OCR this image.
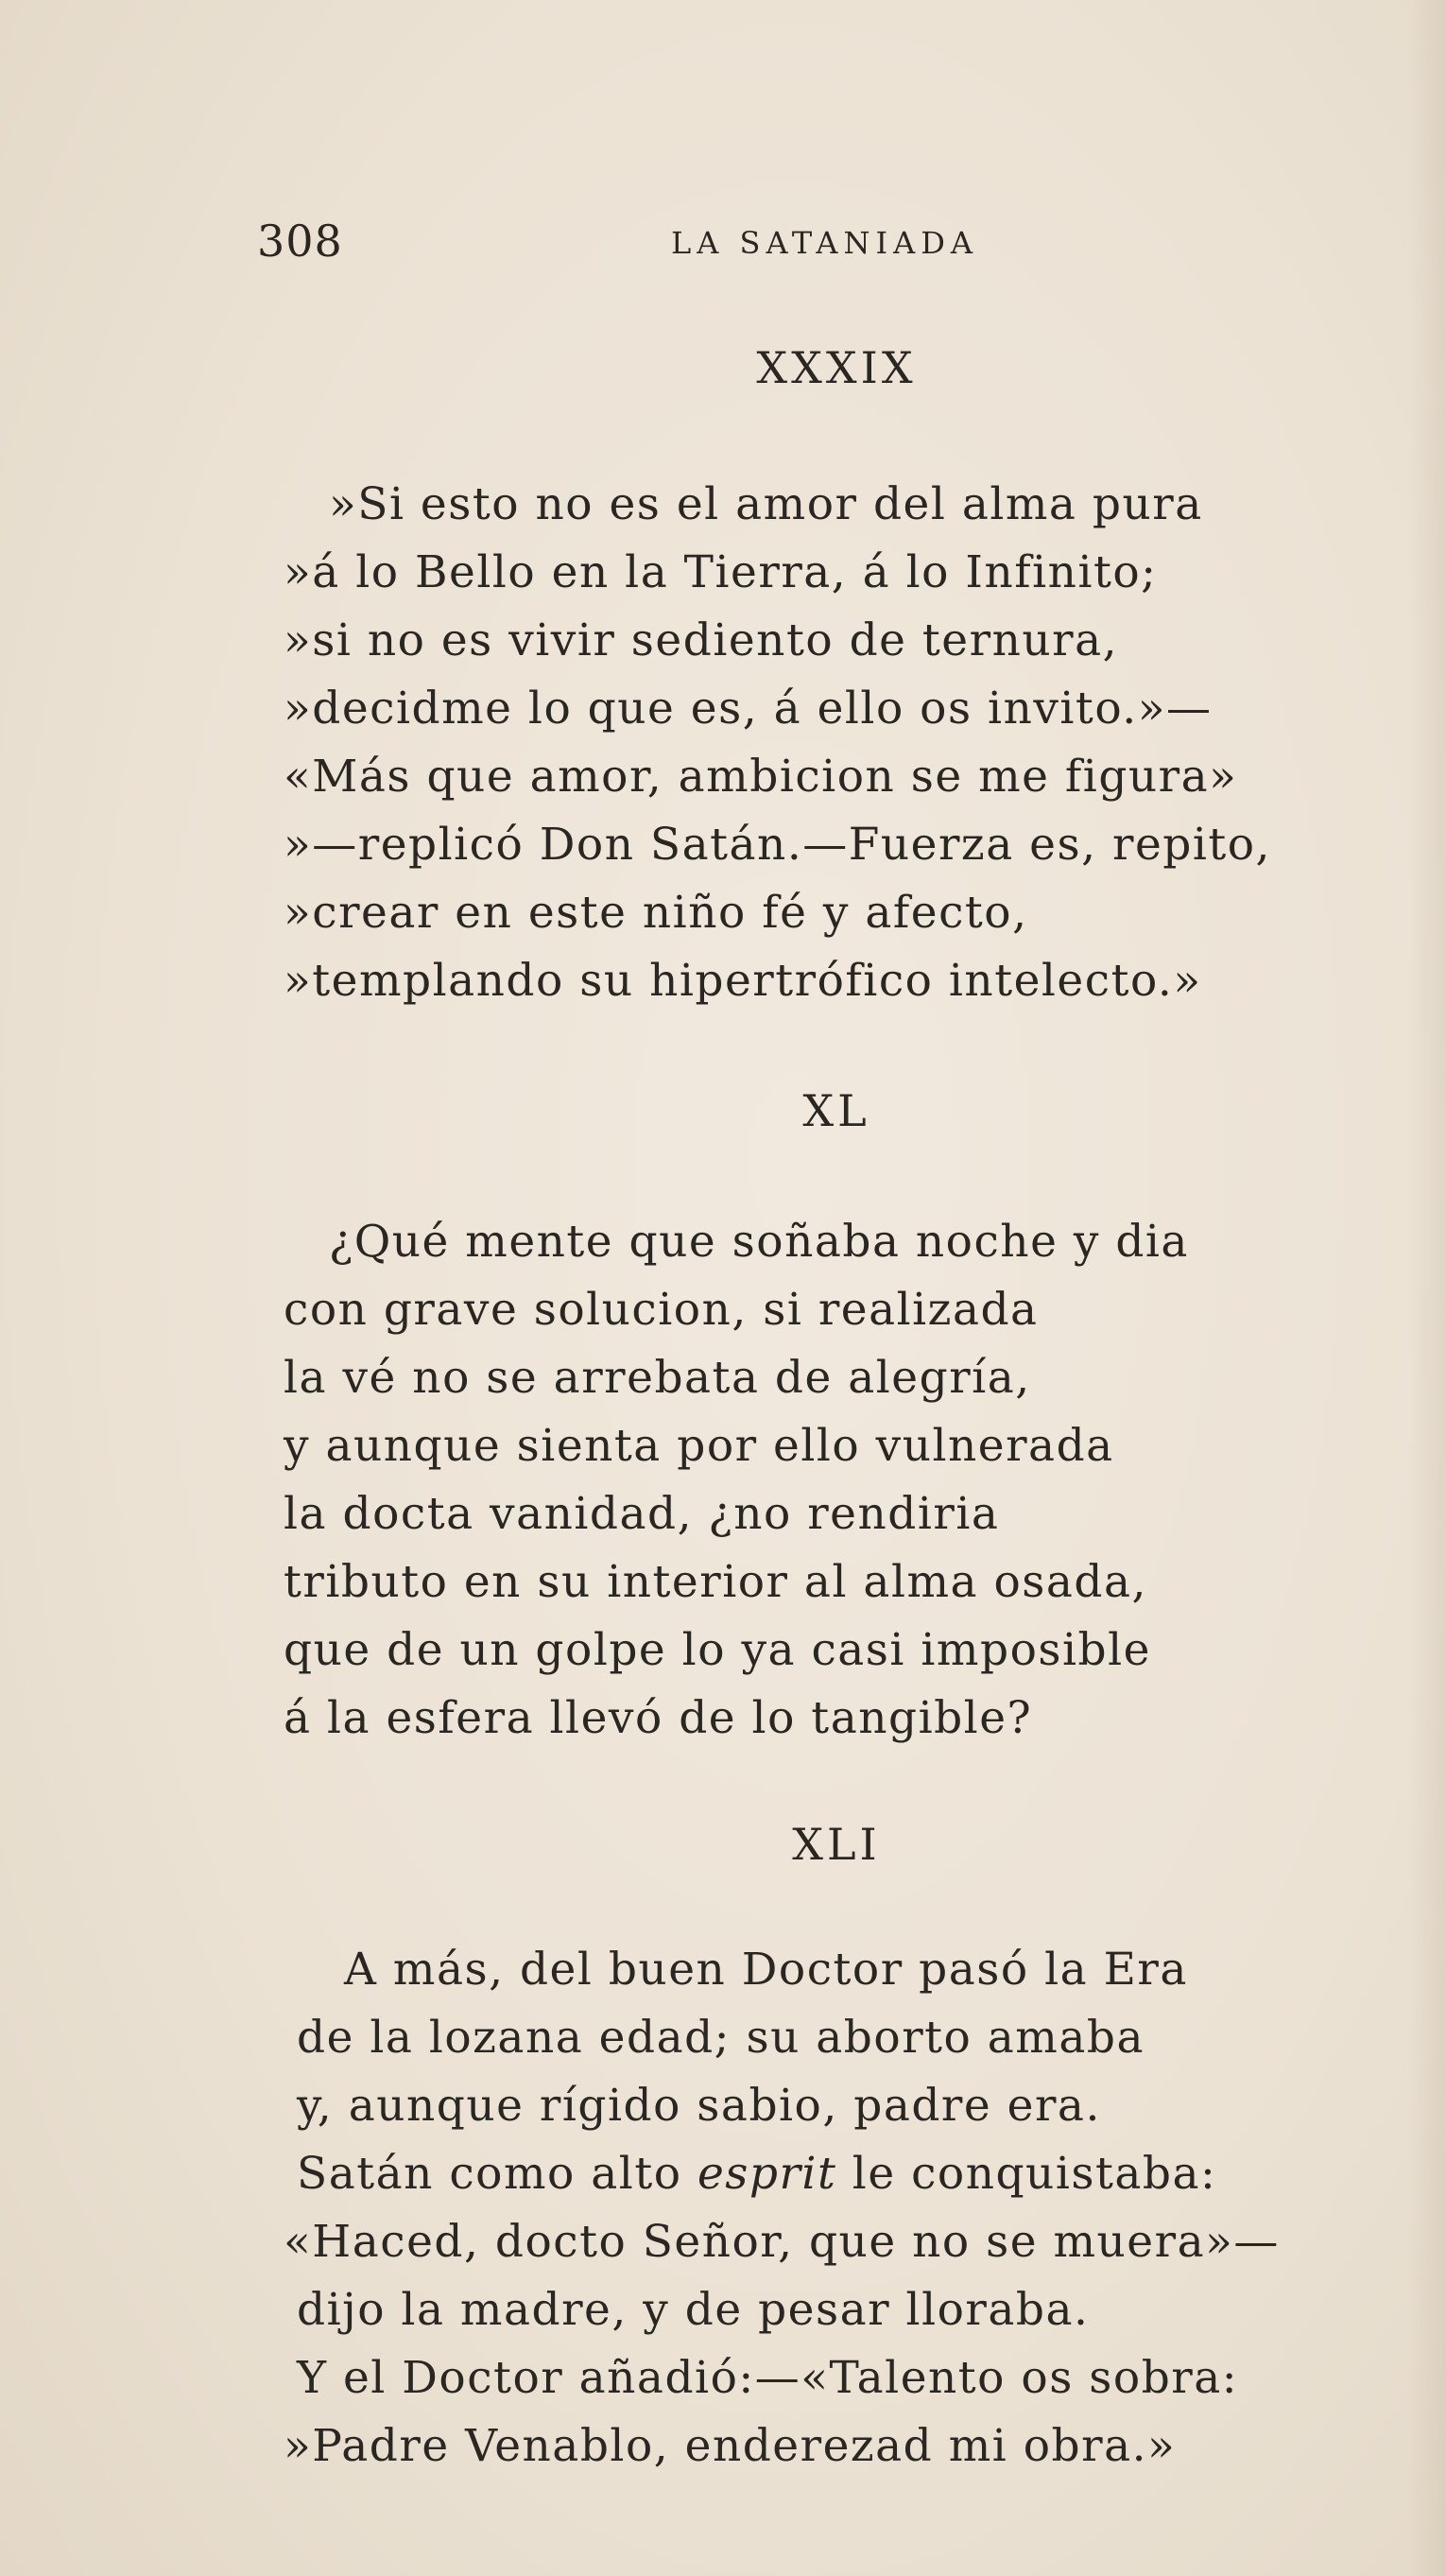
308	LA SATANIADA
XXXIX
»Si esto no es el amor del alma pura
»á lo Bello en la Tierra, á lo Infinito;
»si no es vivir sediento de ternura,
»decidme lo que es, á ello os invito.»—
«Más que amor, ambicion se me figura»
»—replicó Don Satán.—Fuerza es, repito,
»crear en este niño fé y afecto,
»templando su hipertrófico intelecto.»
XL
¿Qué mente que soñaba noche y dia
con grave solucion, si realizada
la vé no se arrebata de alegría,
y aunque sienta por ello vulnerada
la docta vanidad, ¿no rendiria
tributo en su interior al alma osada,
que de un golpe lo ya casi imposible
á la esfera llevó de lo tangible?
XLI
A más, del buen Doctor pasó la Era
de la lozana edad; su aborto amaba
y, aunque rígido sabio, padre era.
Satán como alto esprit le conquistaba:
«Haced, docto Señor, que no se muera»—
dijo la madre, y de pesar lloraba.
Y el Doctor añadió:—«Talento os sobra:
»Padre Venablo, enderezad mi obra.»
